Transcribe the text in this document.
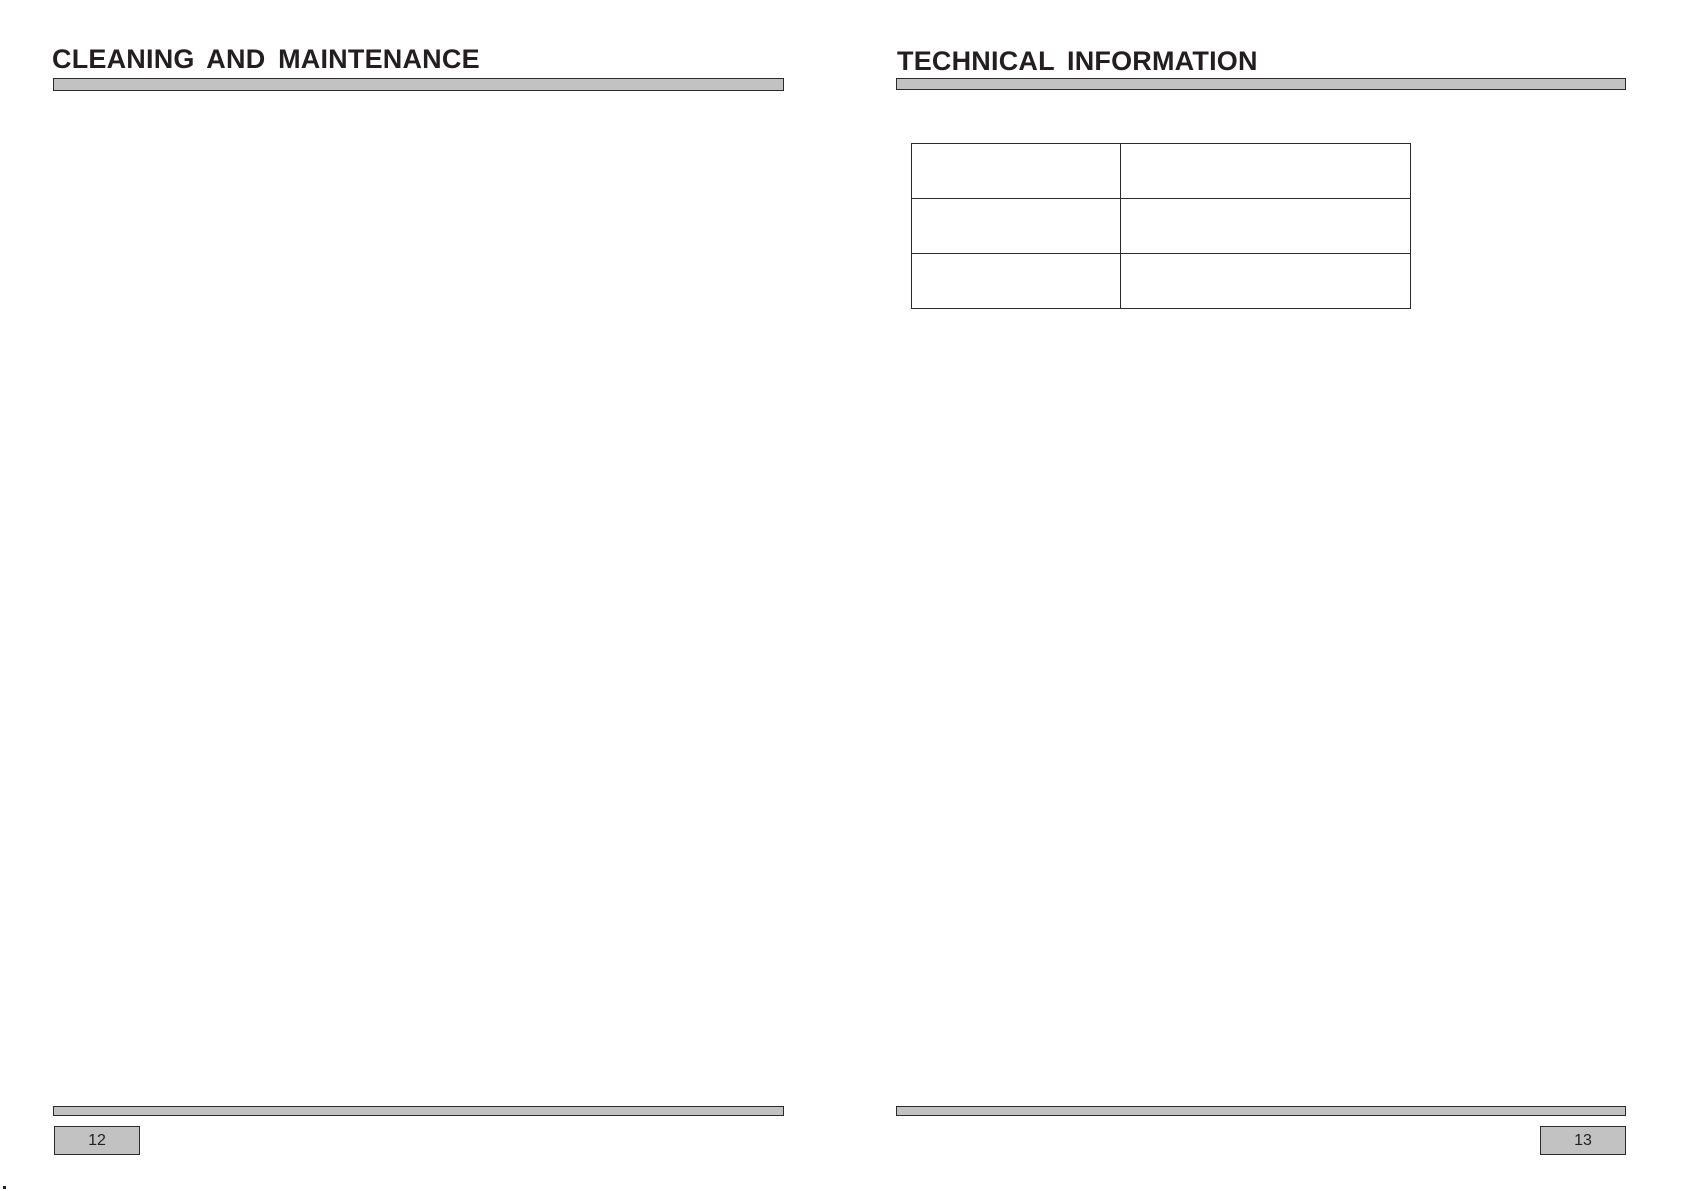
CLEANING AND MAINTENANCE
12
TECHNICAL INFORMATION

13
